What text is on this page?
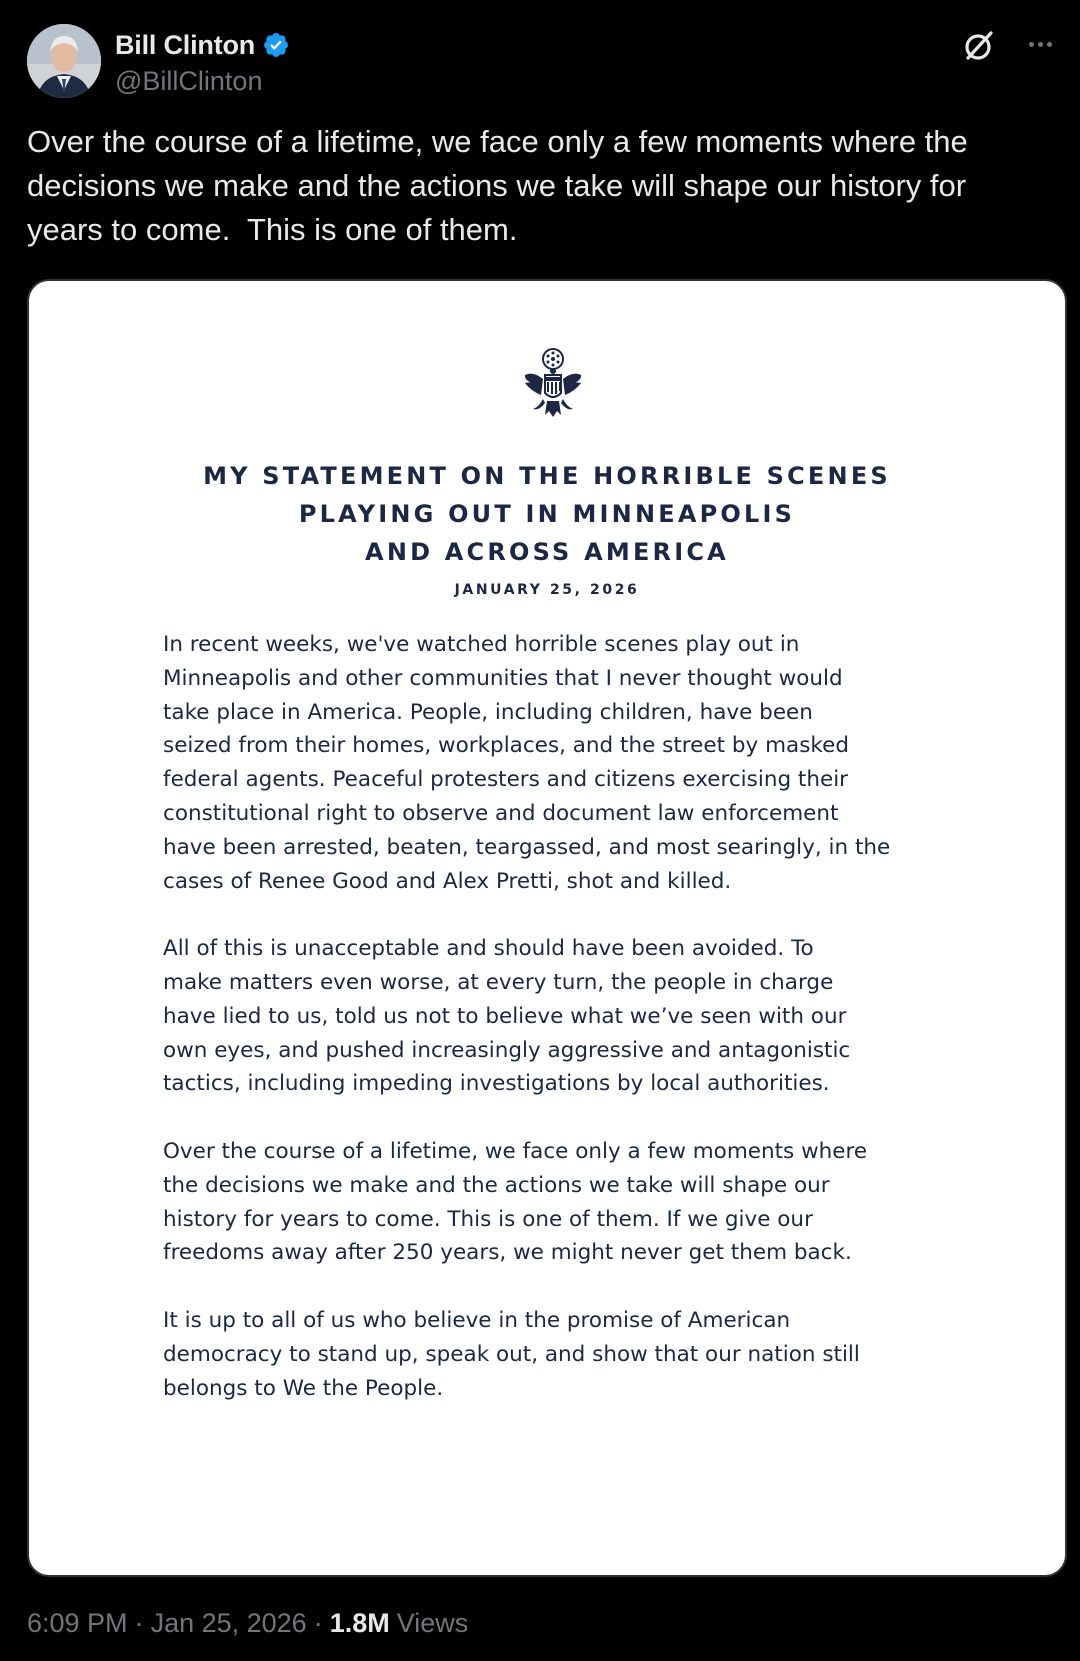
Bill Clinton
@BillClinton
Over the course of a lifetime, we face only a few moments where the
decisions we make and the actions we take will shape our history for
years to come.  This is one of them.
MY STATEMENT ON THE HORRIBLE SCENES
PLAYING OUT IN MINNEAPOLIS
AND ACROSS AMERICA
JANUARY 25, 2026

In recent weeks, we've watched horrible scenes play out in
Minneapolis and other communities that I never thought would
take place in America. People, including children, have been
seized from their homes, workplaces, and the street by masked
federal agents. Peaceful protesters and citizens exercising their
constitutional right to observe and document law enforcement
have been arrested, beaten, teargassed, and most searingly, in the
cases of Renee Good and Alex Pretti, shot and killed.

All of this is unacceptable and should have been avoided. To
make matters even worse, at every turn, the people in charge
have lied to us, told us not to believe what we’ve seen with our
own eyes, and pushed increasingly aggressive and antagonistic
tactics, including impeding investigations by local authorities.

Over the course of a lifetime, we face only a few moments where
the decisions we make and the actions we take will shape our
history for years to come. This is one of them. If we give our
freedoms away after 250 years, we might never get them back.

It is up to all of us who believe in the promise of American
democracy to stand up, speak out, and show that our nation still
belongs to We the People.

6:09 PM · Jan 25, 2026 · 1.8M Views
